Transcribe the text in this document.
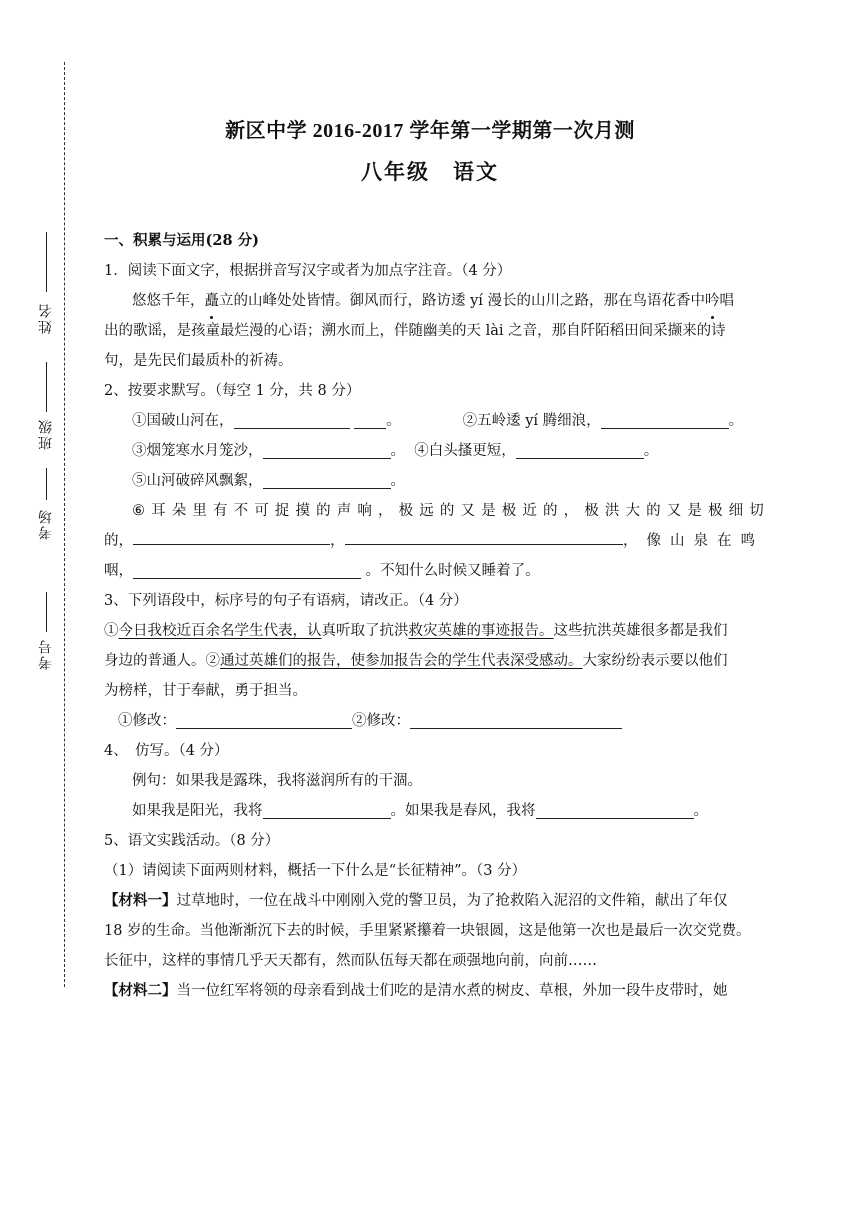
姓名
班级
考场
考号
新区中学 2016-2017 学年第一学期第一次月测
八年级　语文
一、积累与运用(28 分)
1．阅读下面文字，根据拼音写汉字或者为加点字注音。（4 分）
悠悠千年，矗立的山峰处处皆情。御风而行，路访逶 yí 漫长的山川之路，那在鸟语花香中吟唱
出的歌谣，是孩童最烂漫的心语；溯水而上，伴随幽美的天 lài 之音，那自阡陌稻田间采撷来的诗
句，是先民们最质朴的祈祷。
2、按要求默写。（每空 1 分，共 8 分）
①国破山河在，	。	②五岭逶 yí 腾细浪，	。
③烟笼寒水月笼沙，	。 ④白头搔更短，	。
⑤山河破碎风飘絮，	。
⑥ 耳 朵 里 有 不 可 捉 摸 的 声 响 ， 极 远 的 又 是 极 近 的 ， 极 洪 大 的 又 是 极 细 切
的，	，	，像山泉在鸣
咽，	。不知什么时候又睡着了。
3、下列语段中，标序号的句子有语病，请改正。（4 分）
①今日我校近百余名学生代表，认真听取了抗洪救灾英雄的事迹报告。这些抗洪英雄很多都是我们
身边的普通人。②通过英雄们的报告，使参加报告会的学生代表深受感动。大家纷纷表示要以他们
为榜样，甘于奉献，勇于担当。
①修改：	②修改：
4、　仿写。（4 分）
例句：如果我是露珠，我将滋润所有的干涸。
如果我是阳光，我将	。如果我是春风，我将	。
5、语文实践活动。（8 分）
（1）请阅读下面两则材料，概括一下什么是“长征精神”。（3 分）
【材料一】过草地时，一位在战斗中刚刚入党的警卫员，为了抢救陷入泥沼的文件箱，献出了年仅
18 岁的生命。当他渐渐沉下去的时候，手里紧紧攥着一块银圆，这是他第一次也是最后一次交党费。
长征中，这样的事情几乎天天都有，然而队伍每天都在顽强地向前，向前……
【材料二】当一位红军将领的母亲看到战士们吃的是清水煮的树皮、草根，外加一段牛皮带时，她
